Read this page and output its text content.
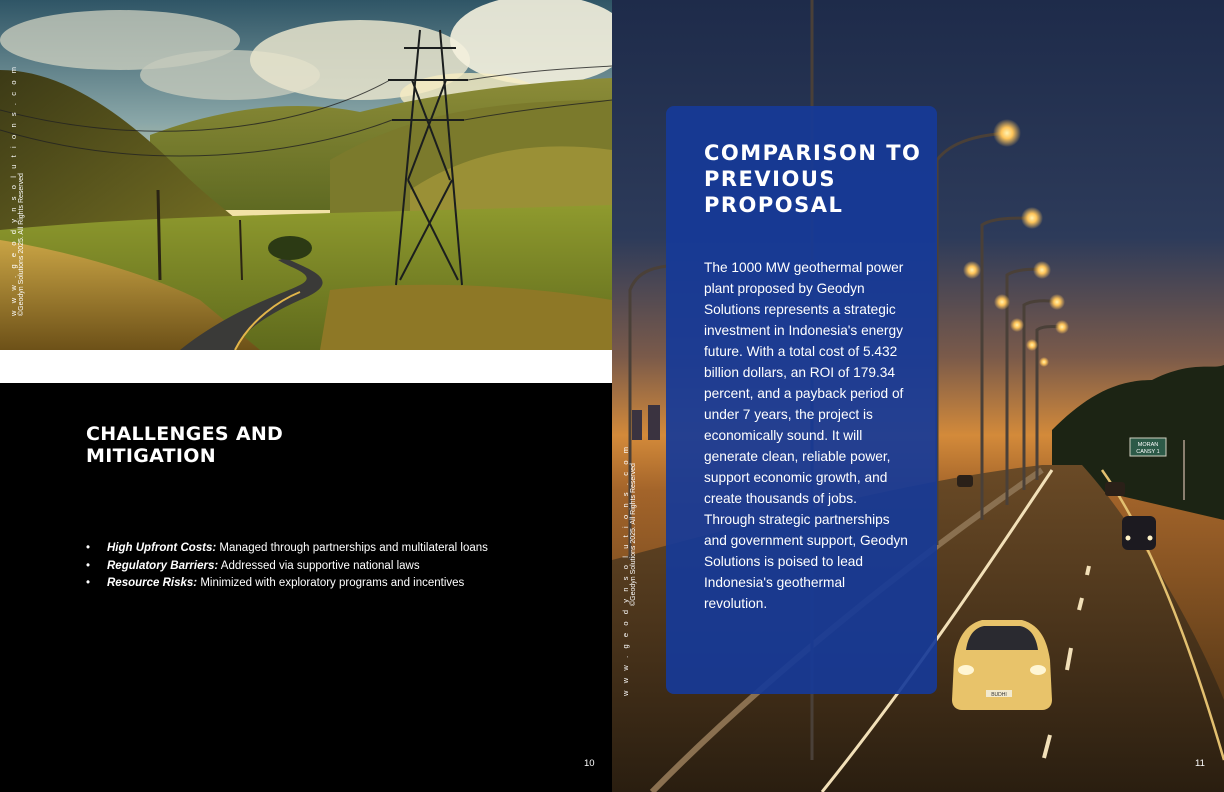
w w w . g e o d y n s o l u t i o n s . c o m ©Geodyn Solutions 2025. All Rights Reserved
CHALLENGES AND MITIGATION
• High Upfront Costs: Managed through partnerships and multilateral loans
• Regulatory Barriers: Addressed via supportive national laws
• Resource Risks: Minimized with exploratory programs and incentives
10
MORAN
CANSY 1
BUDHI
COMPARISON TO PREVIOUS PROPOSAL
The 1000 MW geothermal power plant proposed by Geodyn Solutions represents a strategic investment in Indonesia's energy future. With a total cost of 5.432 billion dollars, an ROI of 179.34 percent, and a payback period of under 7 years, the project is economically sound. It will generate clean, reliable power, support economic growth, and create thousands of jobs. Through strategic partnerships and government support, Geodyn Solutions is poised to lead Indonesia's geothermal revolution.
11
w w w . g e o d y n s o l u t i o n s . c o m ©Geodyn Solutions 2025. All Rights Reserved
